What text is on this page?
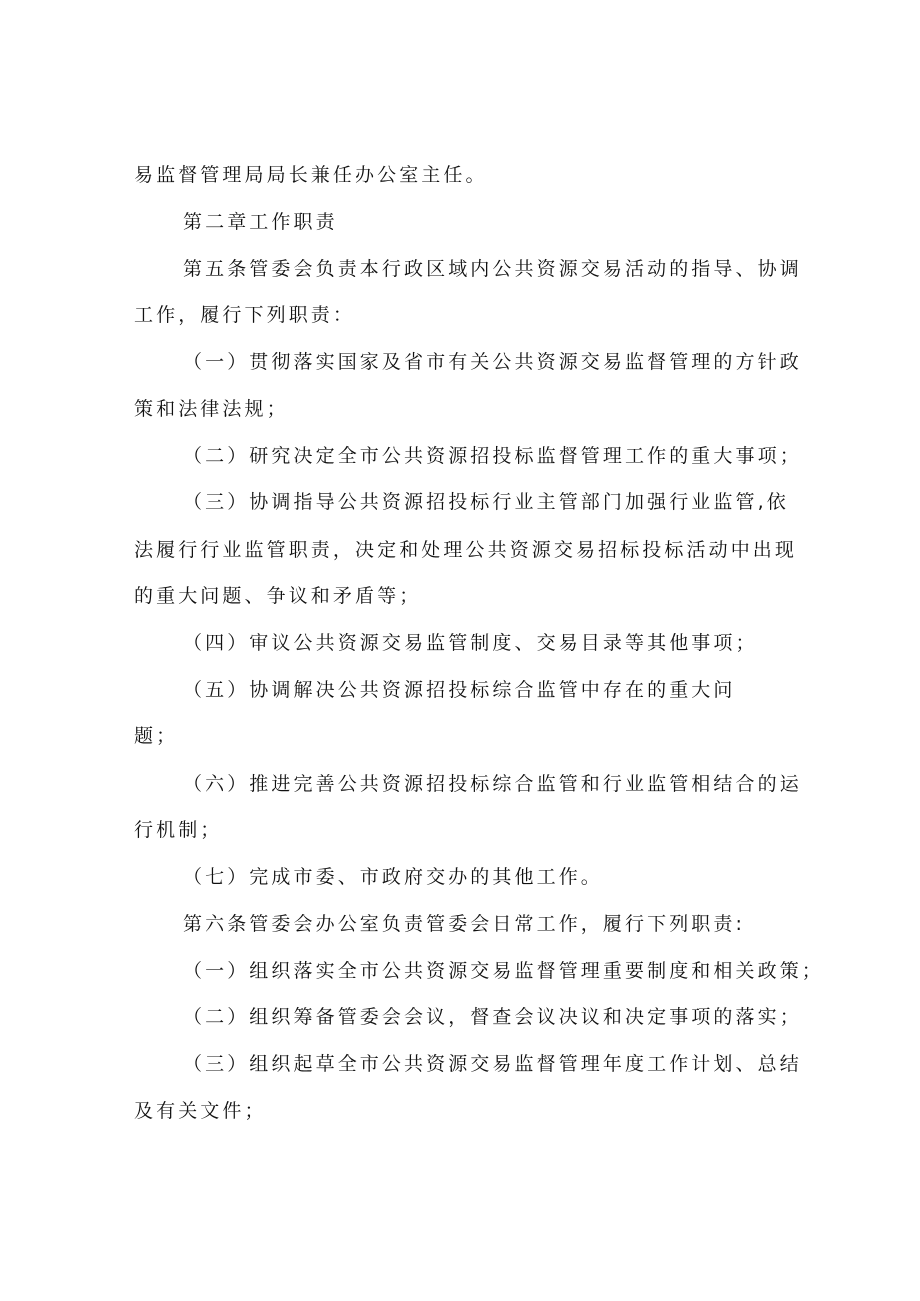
易监督管理局局长兼任办公室主任。
第二章工作职责
第五条管委会负责本行政区域内公共资源交易活动的指导、协调
工作，履行下列职责：
（一）贯彻落实国家及省市有关公共资源交易监督管理的方针政
策和法律法规；
（二）研究决定全市公共资源招投标监督管理工作的重大事项；
（三）协调指导公共资源招投标行业主管部门加强行业监管,依
法履行行业监管职责，决定和处理公共资源交易招标投标活动中出现
的重大问题、争议和矛盾等；
（四）审议公共资源交易监管制度、交易目录等其他事项；
（五）协调解决公共资源招投标综合监管中存在的重大问
题；
（六）推进完善公共资源招投标综合监管和行业监管相结合的运
行机制；
（七）完成市委、市政府交办的其他工作。
第六条管委会办公室负责管委会日常工作，履行下列职责:
（一）组织落实全市公共资源交易监督管理重要制度和相关政策；
（二）组织筹备管委会会议，督查会议决议和决定事项的落实；
（三）组织起草全市公共资源交易监督管理年度工作计划、总结
及有关文件；
